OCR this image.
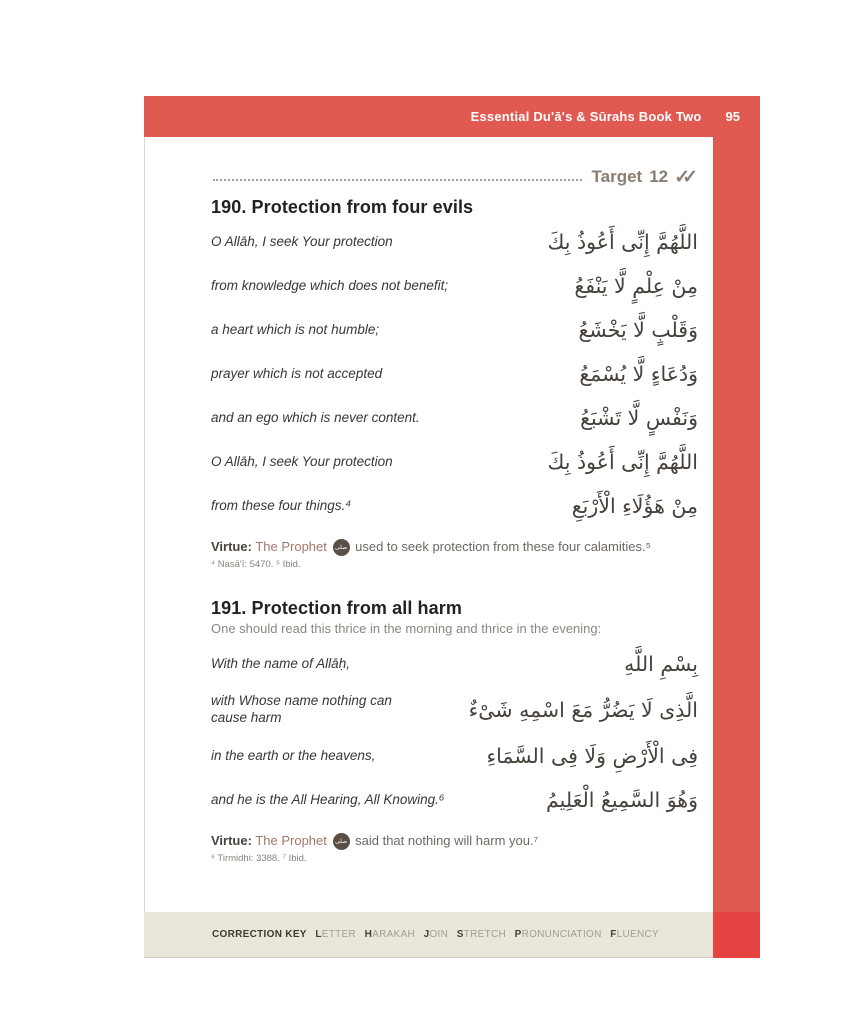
Essential Du'ā's & Sūrahs Book Two 95
Target 12 ✓✓
190. Protection from four evils
O Allāh, I seek Your protection	اللَّهُمَّ إِنِّى أَعُوذُ بِكَ
from knowledge which does not benefit;	مِنْ عِلْمٍ لَّا يَنْفَعُ
a heart which is not humble;	وَقَلْبٍ لَّا يَخْشَعُ
prayer which is not accepted	وَدُعَاءٍ لَّا يُسْمَعُ
and an ego which is never content.	وَنَفْسٍ لَّا تَشْبَعُ
O Allāh, I seek Your protection	اللَّهُمَّ إِنِّى أَعُوذُ بِكَ
from these four things.⁴	مِنْ هَؤُلَاءِ الْأَرْبَعِ

Virtue: The Prophet صلى used to seek protection from these four calamities.⁵

⁴ Nasā'ī: 5470. ⁵ Ibid.

191. Protection from all harm

One should read this thrice in the morning and thrice in the evening:

With the name of Allāḥ,	بِسْمِ اللَّهِ
with Whose name nothing can cause harm	الَّذِى لَا يَضُرُّ مَعَ اسْمِهِ شَىْءٌ
in the earth or the heavens,	فِى الْأَرْضِ وَلَا فِى السَّمَاءِ
and he is the All Hearing, All Knowing.⁶	وَهُوَ السَّمِيعُ الْعَلِيمُ

Virtue: The Prophet صلى said that nothing will harm you.⁷

⁶ Tirmidhi: 3388. ⁷ Ibid.

CORRECTION KEY LETTER HARAKAH JOIN STRETCH PRONUNCIATION FLUENCY
